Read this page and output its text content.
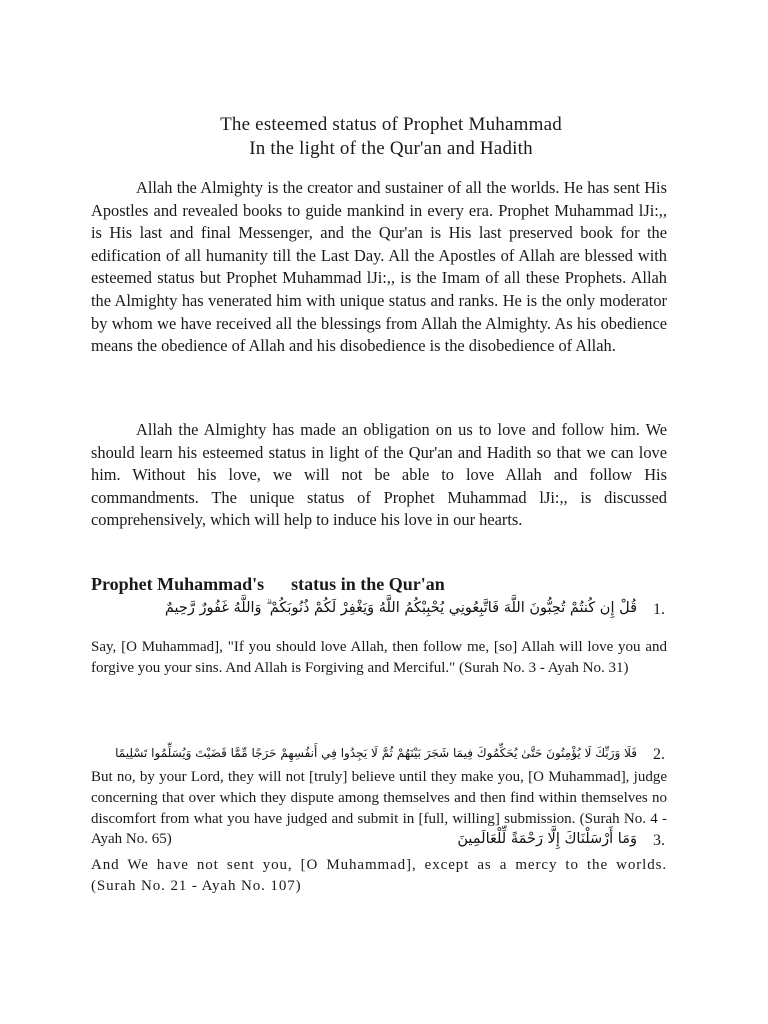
The esteemed status of Prophet Muhammad
In the light of the Qur'an and Hadith

Allah the Almighty is the creator and sustainer of all the worlds. He has sent His Apostles and revealed books to guide mankind in every era. Prophet Muhammad lJi:,, is His last and final Messenger, and the Qur'an is His last preserved book for the edification of all humanity till the Last Day. All the Apostles of Allah are blessed with esteemed status but Prophet Muhammad lJi:,, is the Imam of all these Prophets. Allah the Almighty has venerated him with unique status and ranks. He is the only moderator by whom we have received all the blessings from Allah the Almighty. As his obedience means the obedience of Allah and his disobedience is the disobedience of Allah.

Allah the Almighty has made an obligation on us to love and follow him. We should learn his esteemed status in light of the Qur'an and Hadith so that we can love him. Without his love, we will not be able to love Allah and follow His commandments. The unique status of Prophet Muhammad lJi:,, is discussed comprehensively, which will help to induce his love in our hearts.

Prophet Muhammad's      status in the Qur'an
1.
قُلْ إِن كُنتُمْ تُحِبُّونَ اللَّهَ فَاتَّبِعُونِي يُحْبِبْكُمُ اللَّهُ وَيَغْفِرْ لَكُمْ ذُنُوبَكُمْ ۗ وَاللَّهُ غَفُورٌ رَّحِيمٌ

Say, [O Muhammad], "If you should love Allah, then follow me, [so] Allah will love you and forgive you your sins. And Allah is Forgiving and Merciful." (Surah No. 3 - Ayah No. 31)

2.
فَلَا وَرَبِّكَ لَا يُؤْمِنُونَ حَتَّىٰ يُحَكِّمُوكَ فِيمَا شَجَرَ بَيْنَهُمْ ثُمَّ لَا يَجِدُوا فِي أَنفُسِهِمْ حَرَجًا مِّمَّا قَضَيْتَ وَيُسَلِّمُوا تَسْلِيمًا

But no, by your Lord, they will not [truly] believe until they make you, [O Muhammad], judge concerning that over which they dispute among themselves and then find within themselves no discomfort from what you have judged and submit in [full, willing] submission. (Surah No. 4 - Ayah No. 65)	3.
وَمَا أَرْسَلْنَاكَ إِلَّا رَحْمَةً لِّلْعَالَمِينَ

And We have not sent you, [O Muhammad], except as a mercy to the worlds. (Surah No. 21 - Ayah No. 107)
